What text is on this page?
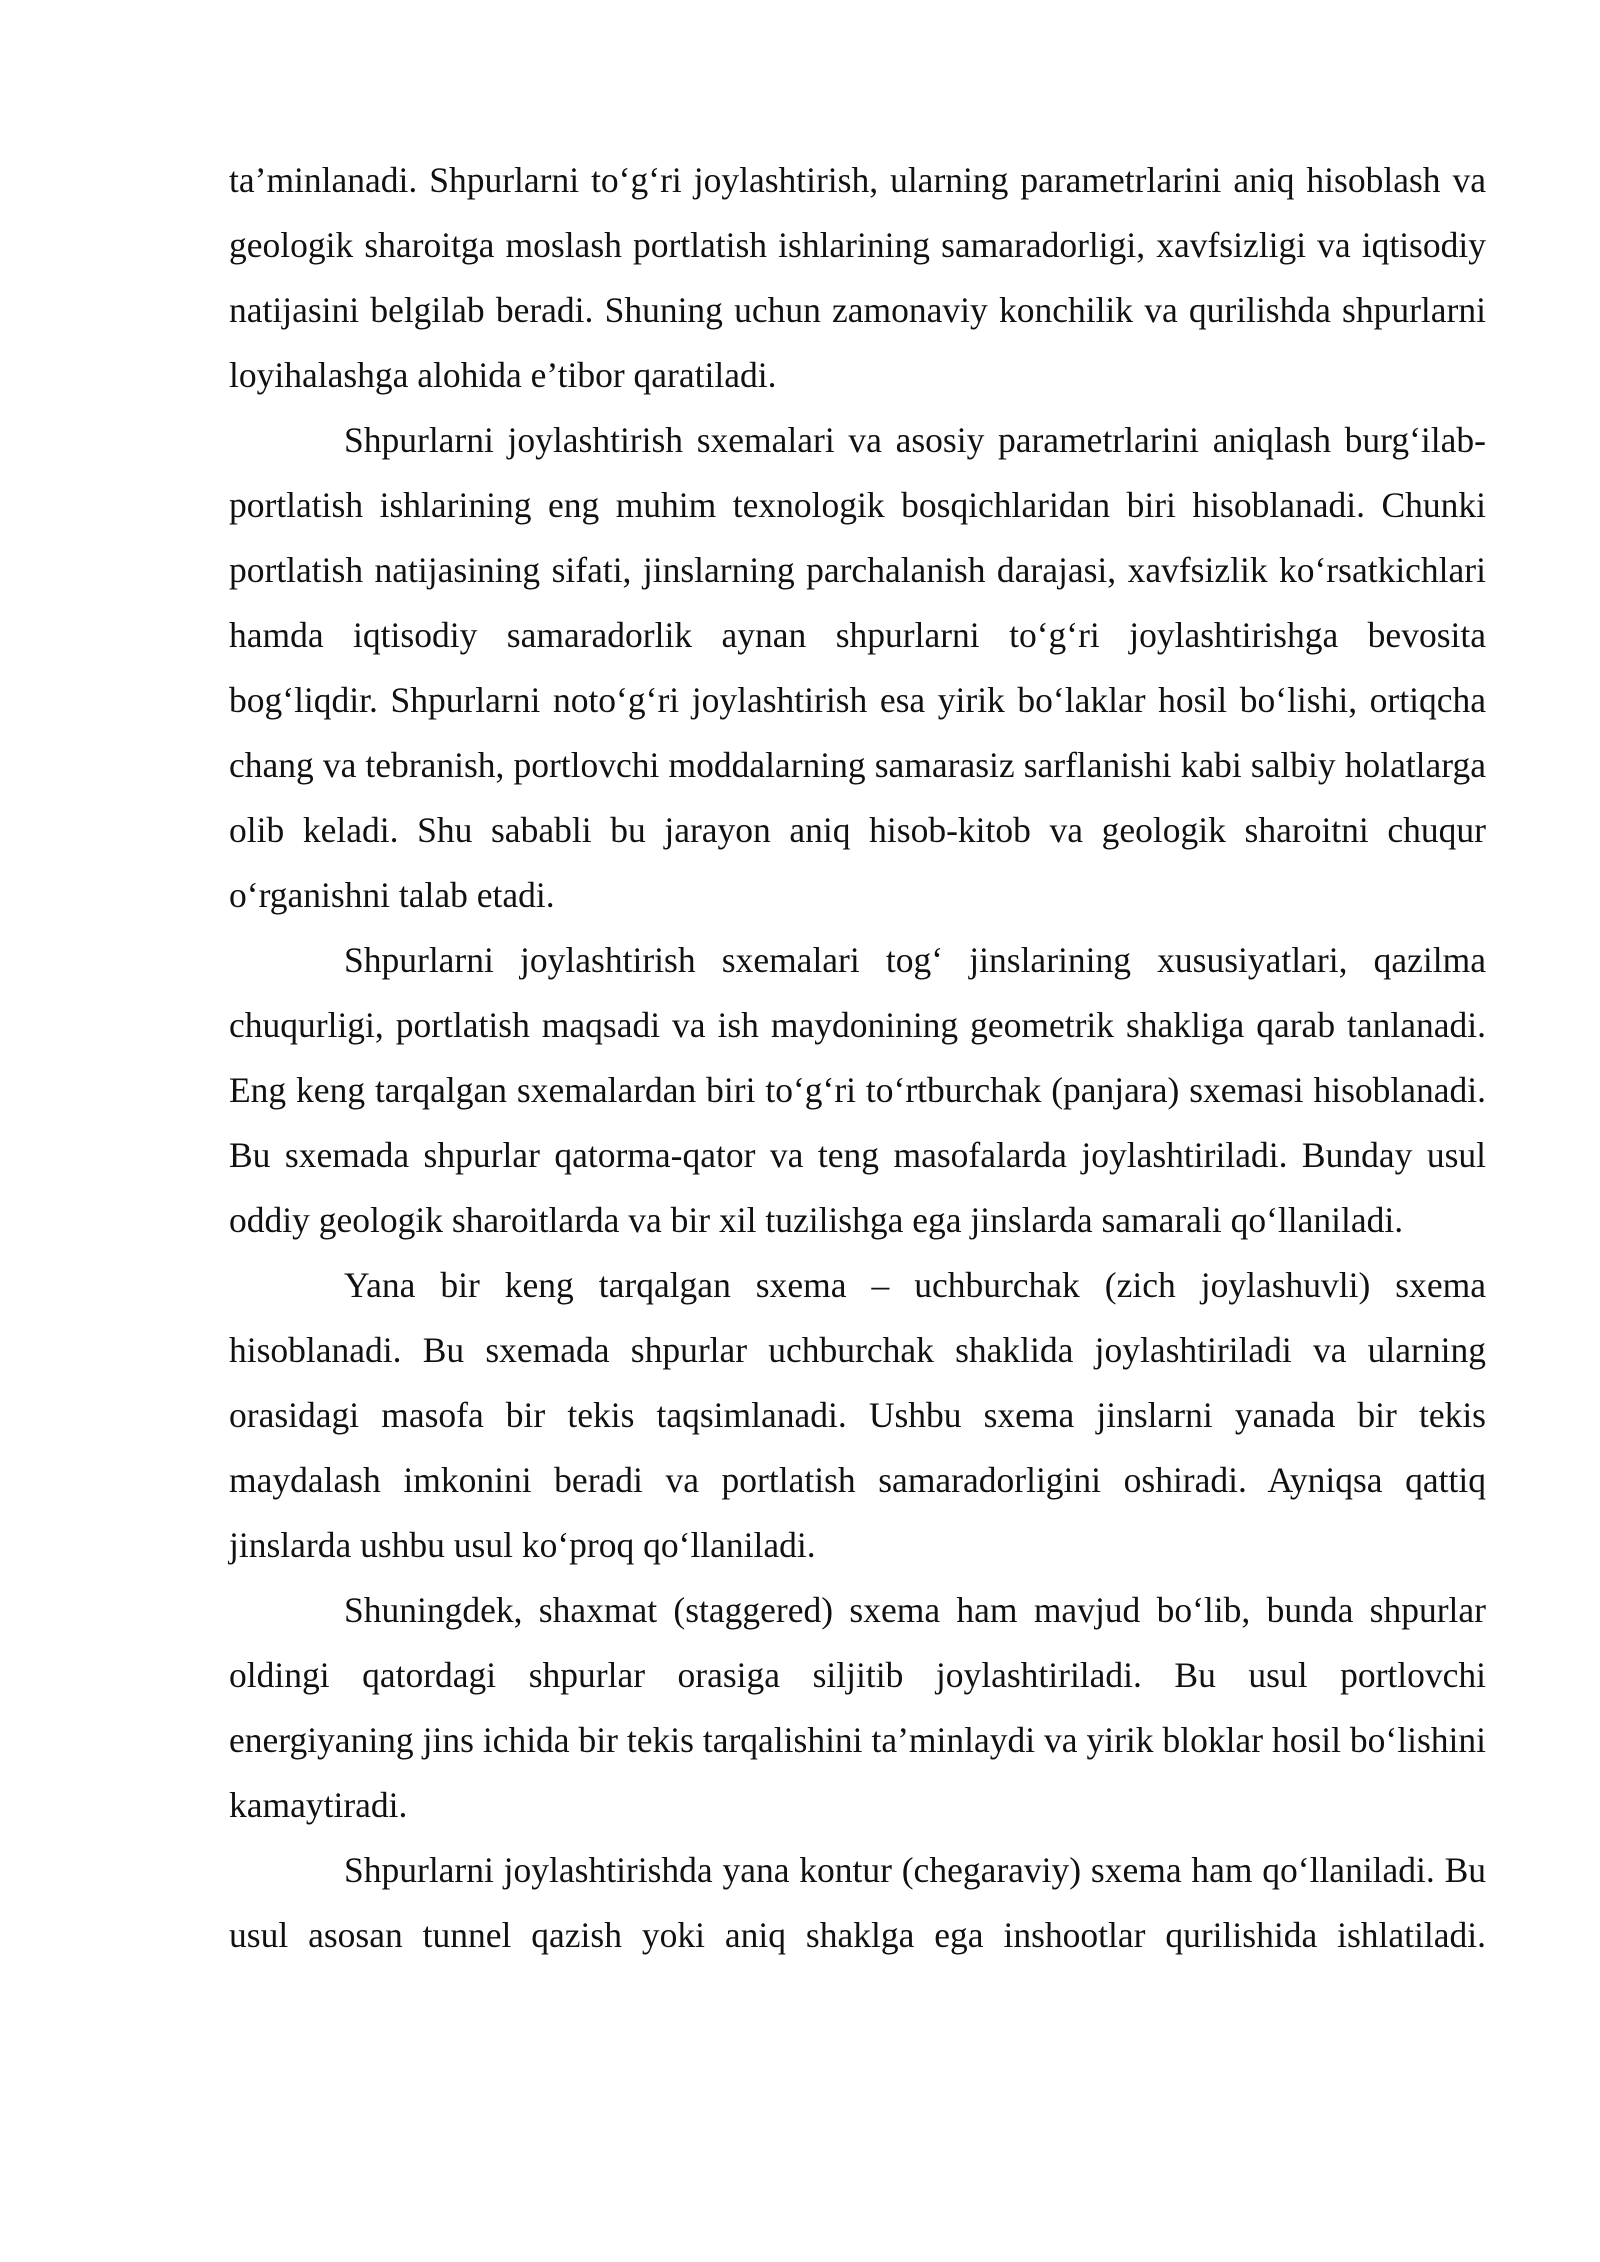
ta’minlanadi. Shpurlarni to‘g‘ri joylashtirish, ularning parametrlarini aniq hisoblash va geologik sharoitga moslash portlatish ishlarining samaradorligi, xavfsizligi va iqtisodiy natijasini belgilab beradi. Shuning uchun zamonaviy konchilik va qurilishda shpurlarni loyihalashga alohida e’tibor qaratiladi.

Shpurlarni joylashtirish sxemalari va asosiy parametrlarini aniqlash burg‘ilab-portlatish ishlarining eng muhim texnologik bosqichlaridan biri hisoblanadi. Chunki portlatish natijasining sifati, jinslarning parchalanish darajasi, xavfsizlik ko‘rsatkichlari hamda iqtisodiy samaradorlik aynan shpurlarni to‘g‘ri joylashtirishga bevosita bog‘liqdir. Shpurlarni noto‘g‘ri joylashtirish esa yirik bo‘laklar hosil bo‘lishi, ortiqcha chang va tebranish, portlovchi moddalarning samarasiz sarflanishi kabi salbiy holatlarga olib keladi. Shu sababli bu jarayon aniq hisob-kitob va geologik sharoitni chuqur o‘rganishni talab etadi.

Shpurlarni joylashtirish sxemalari tog‘ jinslarining xususiyatlari, qazilma chuqurligi, portlatish maqsadi va ish maydonining geometrik shakliga qarab tanlanadi. Eng keng tarqalgan sxemalardan biri to‘g‘ri to‘rtburchak (panjara) sxemasi hisoblanadi. Bu sxemada shpurlar qatorma-qator va teng masofalarda joylashtiriladi. Bunday usul oddiy geologik sharoitlarda va bir xil tuzilishga ega jinslarda samarali qo‘llaniladi.

Yana bir keng tarqalgan sxema – uchburchak (zich joylashuvli) sxema hisoblanadi. Bu sxemada shpurlar uchburchak shaklida joylashtiriladi va ularning orasidagi masofa bir tekis taqsimlanadi. Ushbu sxema jinslarni yanada bir tekis maydalash imkonini beradi va portlatish samaradorligini oshiradi. Ayniqsa qattiq jinslarda ushbu usul ko‘proq qo‘llaniladi.

Shuningdek, shaxmat (staggered) sxema ham mavjud bo‘lib, bunda shpurlar oldingi qatordagi shpurlar orasiga siljitib joylashtiriladi. Bu usul portlovchi energiyaning jins ichida bir tekis tarqalishini ta’minlaydi va yirik bloklar hosil bo‘lishini kamaytiradi.

Shpurlarni joylashtirishda yana kontur (chegaraviy) sxema ham qo‘llaniladi. Bu usul asosan tunnel qazish yoki aniq shaklga ega inshootlar qurilishida ishlatiladi.
